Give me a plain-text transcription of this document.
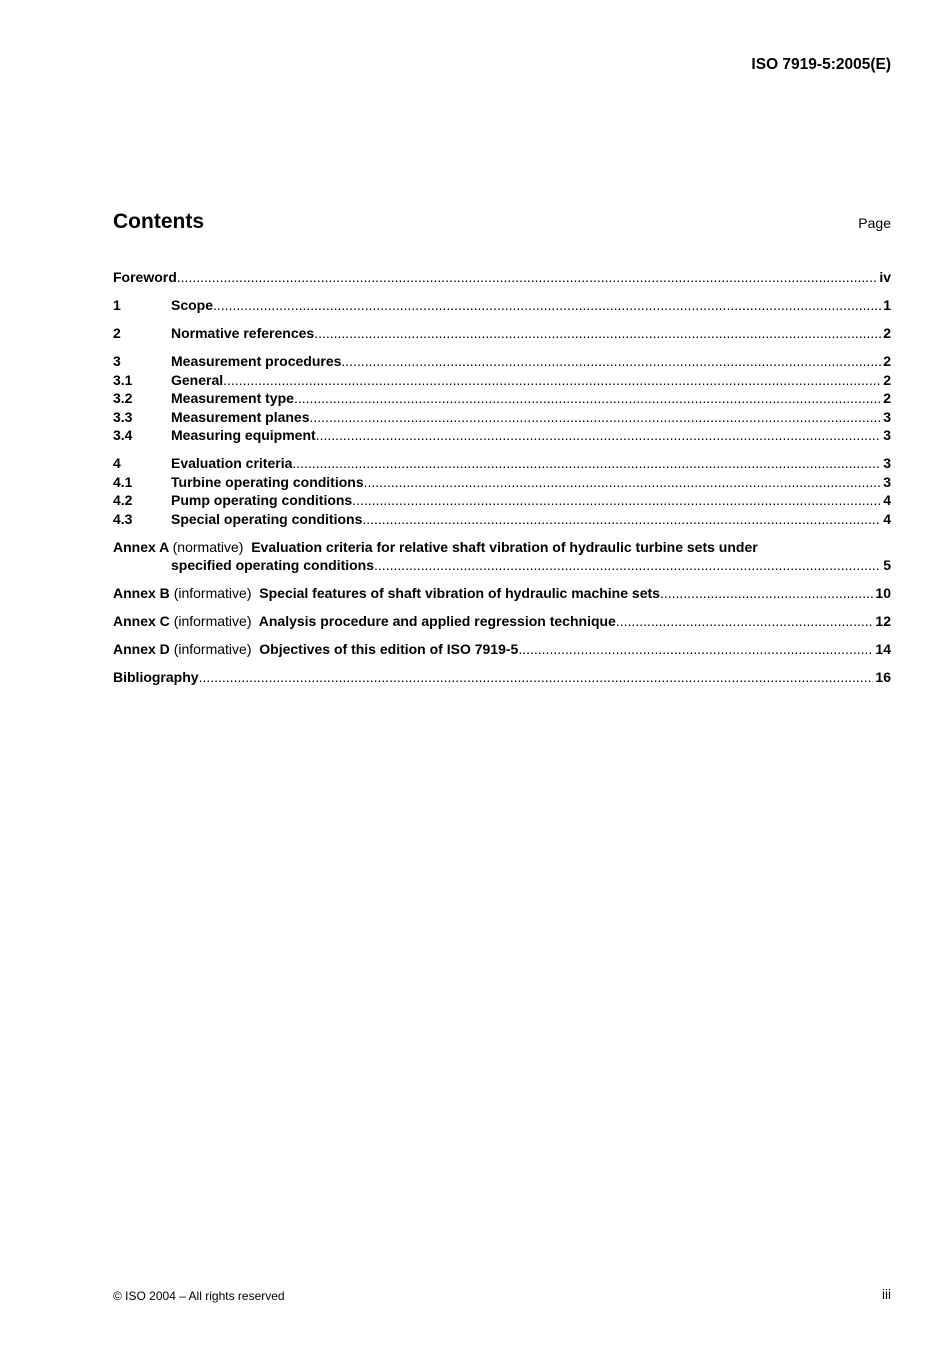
ISO 7919-5:2005(E)
Contents	Page
Foreword .....	iv
1	Scope .....	1
2	Normative references .....	2
3	Measurement procedures .....	2
3.1	General .....	2
3.2	Measurement type .....	2
3.3	Measurement planes .....	3
3.4	Measuring equipment .....	3
4	Evaluation criteria .....	3
4.1	Turbine operating conditions .....	3
4.2	Pump operating conditions .....	4
4.3	Special operating conditions .....	4
Annex A (normative) Evaluation criteria for relative shaft vibration of hydraulic turbine sets under
specified operating conditions .....	5
Annex B (informative) Special features of shaft vibration of hydraulic machine sets .....	10
Annex C (informative) Analysis procedure and applied regression technique .....	12
Annex D (informative) Objectives of this edition of ISO 7919-5 .....	14
Bibliography .....	16
© ISO 2004 – All rights reserved	iii
